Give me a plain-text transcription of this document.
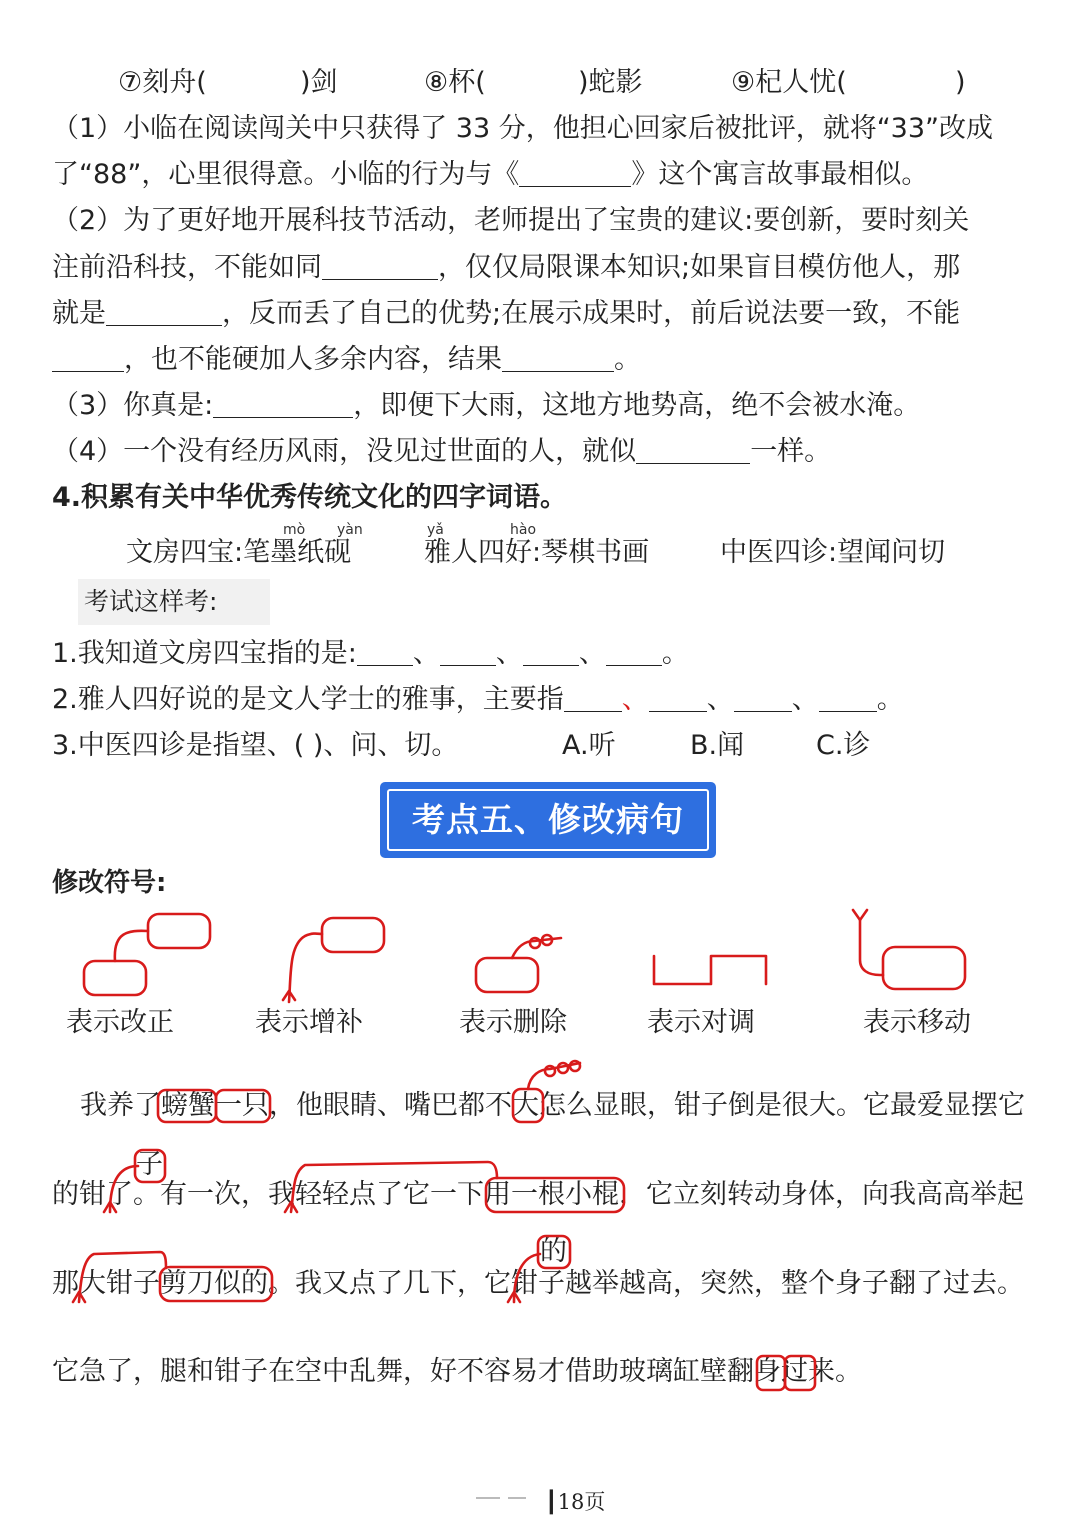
⑦刻舟(	)剑	⑧杯(	)蛇影	⑨杞人忧(	)
（1）小临在阅读闯关中只获得了 33 分，他担心回家后被批评，就将“33”改成
了“88”，心里很得意。小临的行为与《	》这个寓言故事最相似。
（2）为了更好地开展科技节活动，老师提出了宝贵的建议:要创新，要时刻关
注前沿科技，不能如同	，仅仅局限课本知识;如果盲目模仿他人，那
就是	，反而丢了自己的优势;在展示成果时，前后说法要一致，不能
，也不能硬加人多余内容，结果	。
（3）你真是:	，即便下大雨，这地方地势高，绝不会被水淹。
（4）一个没有经历风雨，没见过世面的人，就似	一样。
4.积累有关中华优秀传统文化的四字词语。
mò yàn	yǎ	hào
文房四宝:笔墨纸砚	雅人四好:琴棋书画	中医四诊:望闻问切
考试这样考:
1.我知道文房四宝指的是: 、 、 、 。
2.雅人四好说的是文人学士的雅事，主要指 、 、 、 。
3.中医四诊是指望、( )、问、切。	A.听	B.闻	C.诊
考点五、修改病句
修改符号:
表示改正	表示增补	表示删除	表示对调	表示移动
我养了螃蟹一只，他眼睛、嘴巴都不大怎么显眼，钳子倒是很大。它最爱显摆它
的钳了。有一次，我轻轻点了它一下用一根小棍，它立刻转动身体，向我高高举起
那大钳子剪刀似的。我又点了几下，它钳子越举越高，突然，整个身子翻了过去。
它急了，腿和钳子在空中乱舞，好不容易才借助玻璃缸壁翻身过来。
子
的
┃18页
